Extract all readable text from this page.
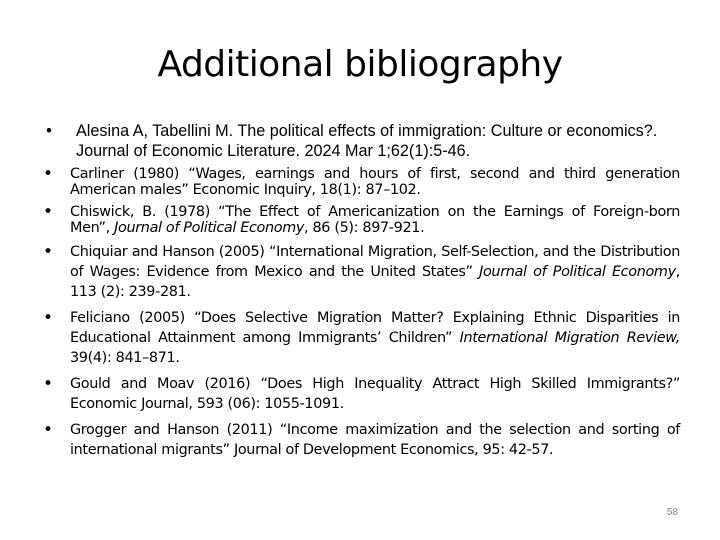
Additional bibliography
• Alesina A, Tabellini M. The political effects of immigration: Culture or economics?. Journal of Economic Literature. 2024 Mar 1;62(1):5-46.
• Carliner (1980) “Wages, earnings and hours of first, second and third generation American males” Economic Inquiry, 18(1): 87–102.
• Chiswick, B. (1978) “The Effect of Americanization on the Earnings of Foreign-born Men”, Journal of Political Economy, 86 (5): 897-921.
• Chiquiar and Hanson (2005) “International Migration, Self-Selection, and the Distribution of Wages: Evidence from Mexico and the United States” Journal of Political Economy, 113 (2): 239-281.
• Feliciano (2005) “Does Selective Migration Matter? Explaining Ethnic Disparities in Educational Attainment among Immigrants’ Children” International Migration Review, 39(4): 841–871.
• Gould and Moav (2016) “Does High Inequality Attract High Skilled Immigrants?” Economic Journal, 593 (06): 1055-1091.
• Grogger and Hanson (2011) “Income maximization and the selection and sorting of international migrants” Journal of Development Economics, 95: 42-57.
58
